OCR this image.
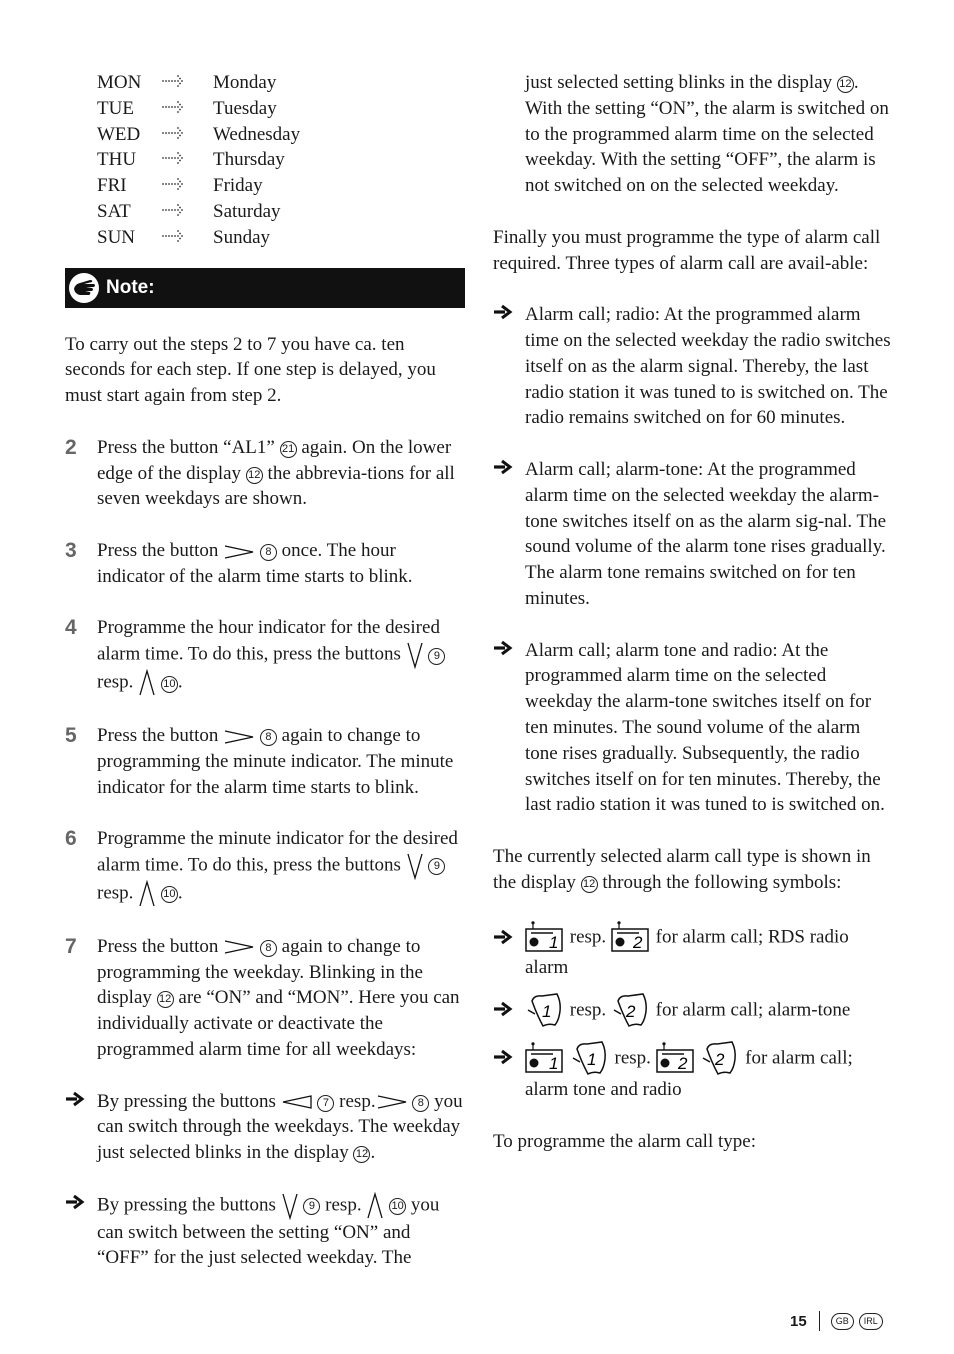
MON		Monday
TUE		Tuesday
WED		Wednesday
THU		Thursday
FRI		Friday
SAT		Saturday
SUN		Sunday
Note:
To carry out the steps 2 to 7 you have ca. ten seconds for each step. If one step is delayed, you must start again from step 2.
2	Press the button “AL1” 21 again. On the lower edge of the display 12 the abbrevia-tions for all seven weekdays are shown.
3	Press the button	8 once. The hour indicator of the alarm time starts to blink.
4	Programme the hour indicator for the desired alarm time. To do this, press the buttons	9 resp.	10 .
5	Press the button	8 again to change to programming the minute indicator. The minute indicator for the alarm time starts to blink.
6	Programme the minute indicator for the desired alarm time. To do this, press the buttons	9 resp.	10 .
7	Press the button	8 again to change to programming the weekday. Blinking in the display 12 are “ON” and “MON”. Here you can individually activate or deactivate the programmed alarm time for all weekdays:
By pressing the buttons	7 resp.	8 you can switch through the weekdays. The weekday just selected blinks in the display 12 .
By pressing the buttons	9 resp.	10 you can switch between the setting “ON” and “OFF” for the just selected weekday. The
just selected setting blinks in the display 12 . With the setting “ON”, the alarm is switched on to the programmed alarm time on the selected weekday. With the setting “OFF”, the alarm is not switched on on the selected weekday.
Finally you must programme the type of alarm call required. Three types of alarm call are avail-able:
Alarm call; radio: At the programmed alarm time on the selected weekday the radio switches itself on as the alarm signal. Thereby, the last radio station it was tuned to is switched on. The radio remains switched on for 60 minutes.
Alarm call; alarm-tone: At the programmed alarm time on the selected weekday the alarm-tone switches itself on as the alarm sig-nal. The sound volume of the alarm tone rises gradually. The alarm tone remains switched on for ten minutes.
Alarm call; alarm tone and radio: At the programmed alarm time on the selected weekday the alarm-tone switches itself on for ten minutes. The sound volume of the alarm tone rises gradually. Subsequently, the radio switches itself on for ten minutes. Thereby, the last radio station it was tuned to is switched on.
The currently selected alarm call type is shown in the display 12 through the following symbols:
1 resp. 2 for alarm call; RDS radio alarm
1 resp. 2 for alarm call; alarm-tone
1
1 resp. 2
2 for alarm call; alarm tone and radio
To programme the alarm call type:
15	GB	IRL
